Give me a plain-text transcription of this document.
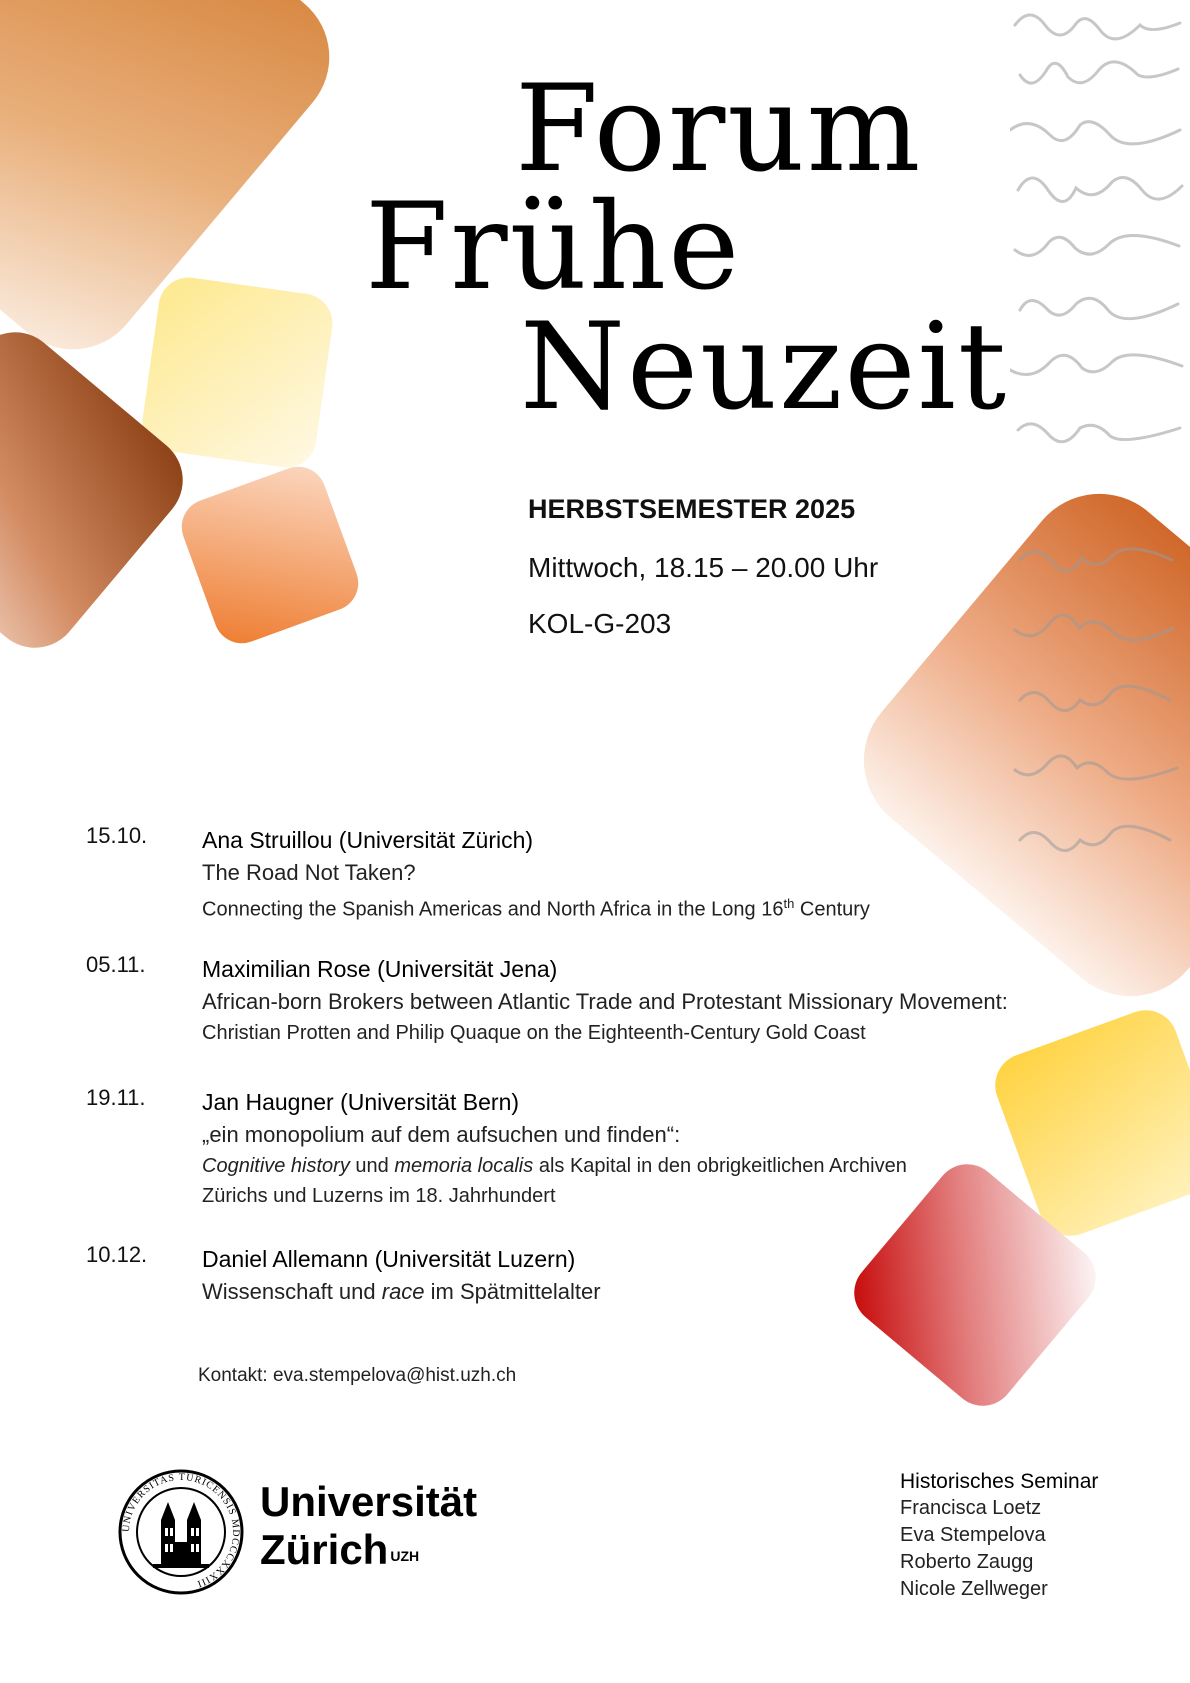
Forum
Frühe
Neuzeit
HERBSTSEMESTER 2025
Mittwoch, 18.15 – 20.00 Uhr
KOL-G-203
15.10. Ana Struillou (Universität Zürich)
The Road Not Taken?
Connecting the Spanish Americas and North Africa in the Long 16th Century
05.11. Maximilian Rose (Universität Jena)
African-born Brokers between Atlantic Trade and Protestant Missionary Movement:
Christian Protten and Philip Quaque on the Eighteenth-Century Gold Coast
19.11. Jan Haugner (Universität Bern)
„ein monopolium auf dem aufsuchen und finden“:
Cognitive history und memoria localis als Kapital in den obrigkeitlichen Archiven
Zürichs und Luzerns im 18. Jahrhundert
10.12. Daniel Allemann (Universität Luzern)
Wissenschaft und race im Spätmittelalter
Kontakt: eva.stempelova@hist.uzh.ch
UNIVERSITAS TURICENSIS MDCCCXXXIII
Universität
Zürich $^{UZH}$
Historisches Seminar
Francisca Loetz
Eva Stempelova
Roberto Zaugg
Nicole Zellweger
